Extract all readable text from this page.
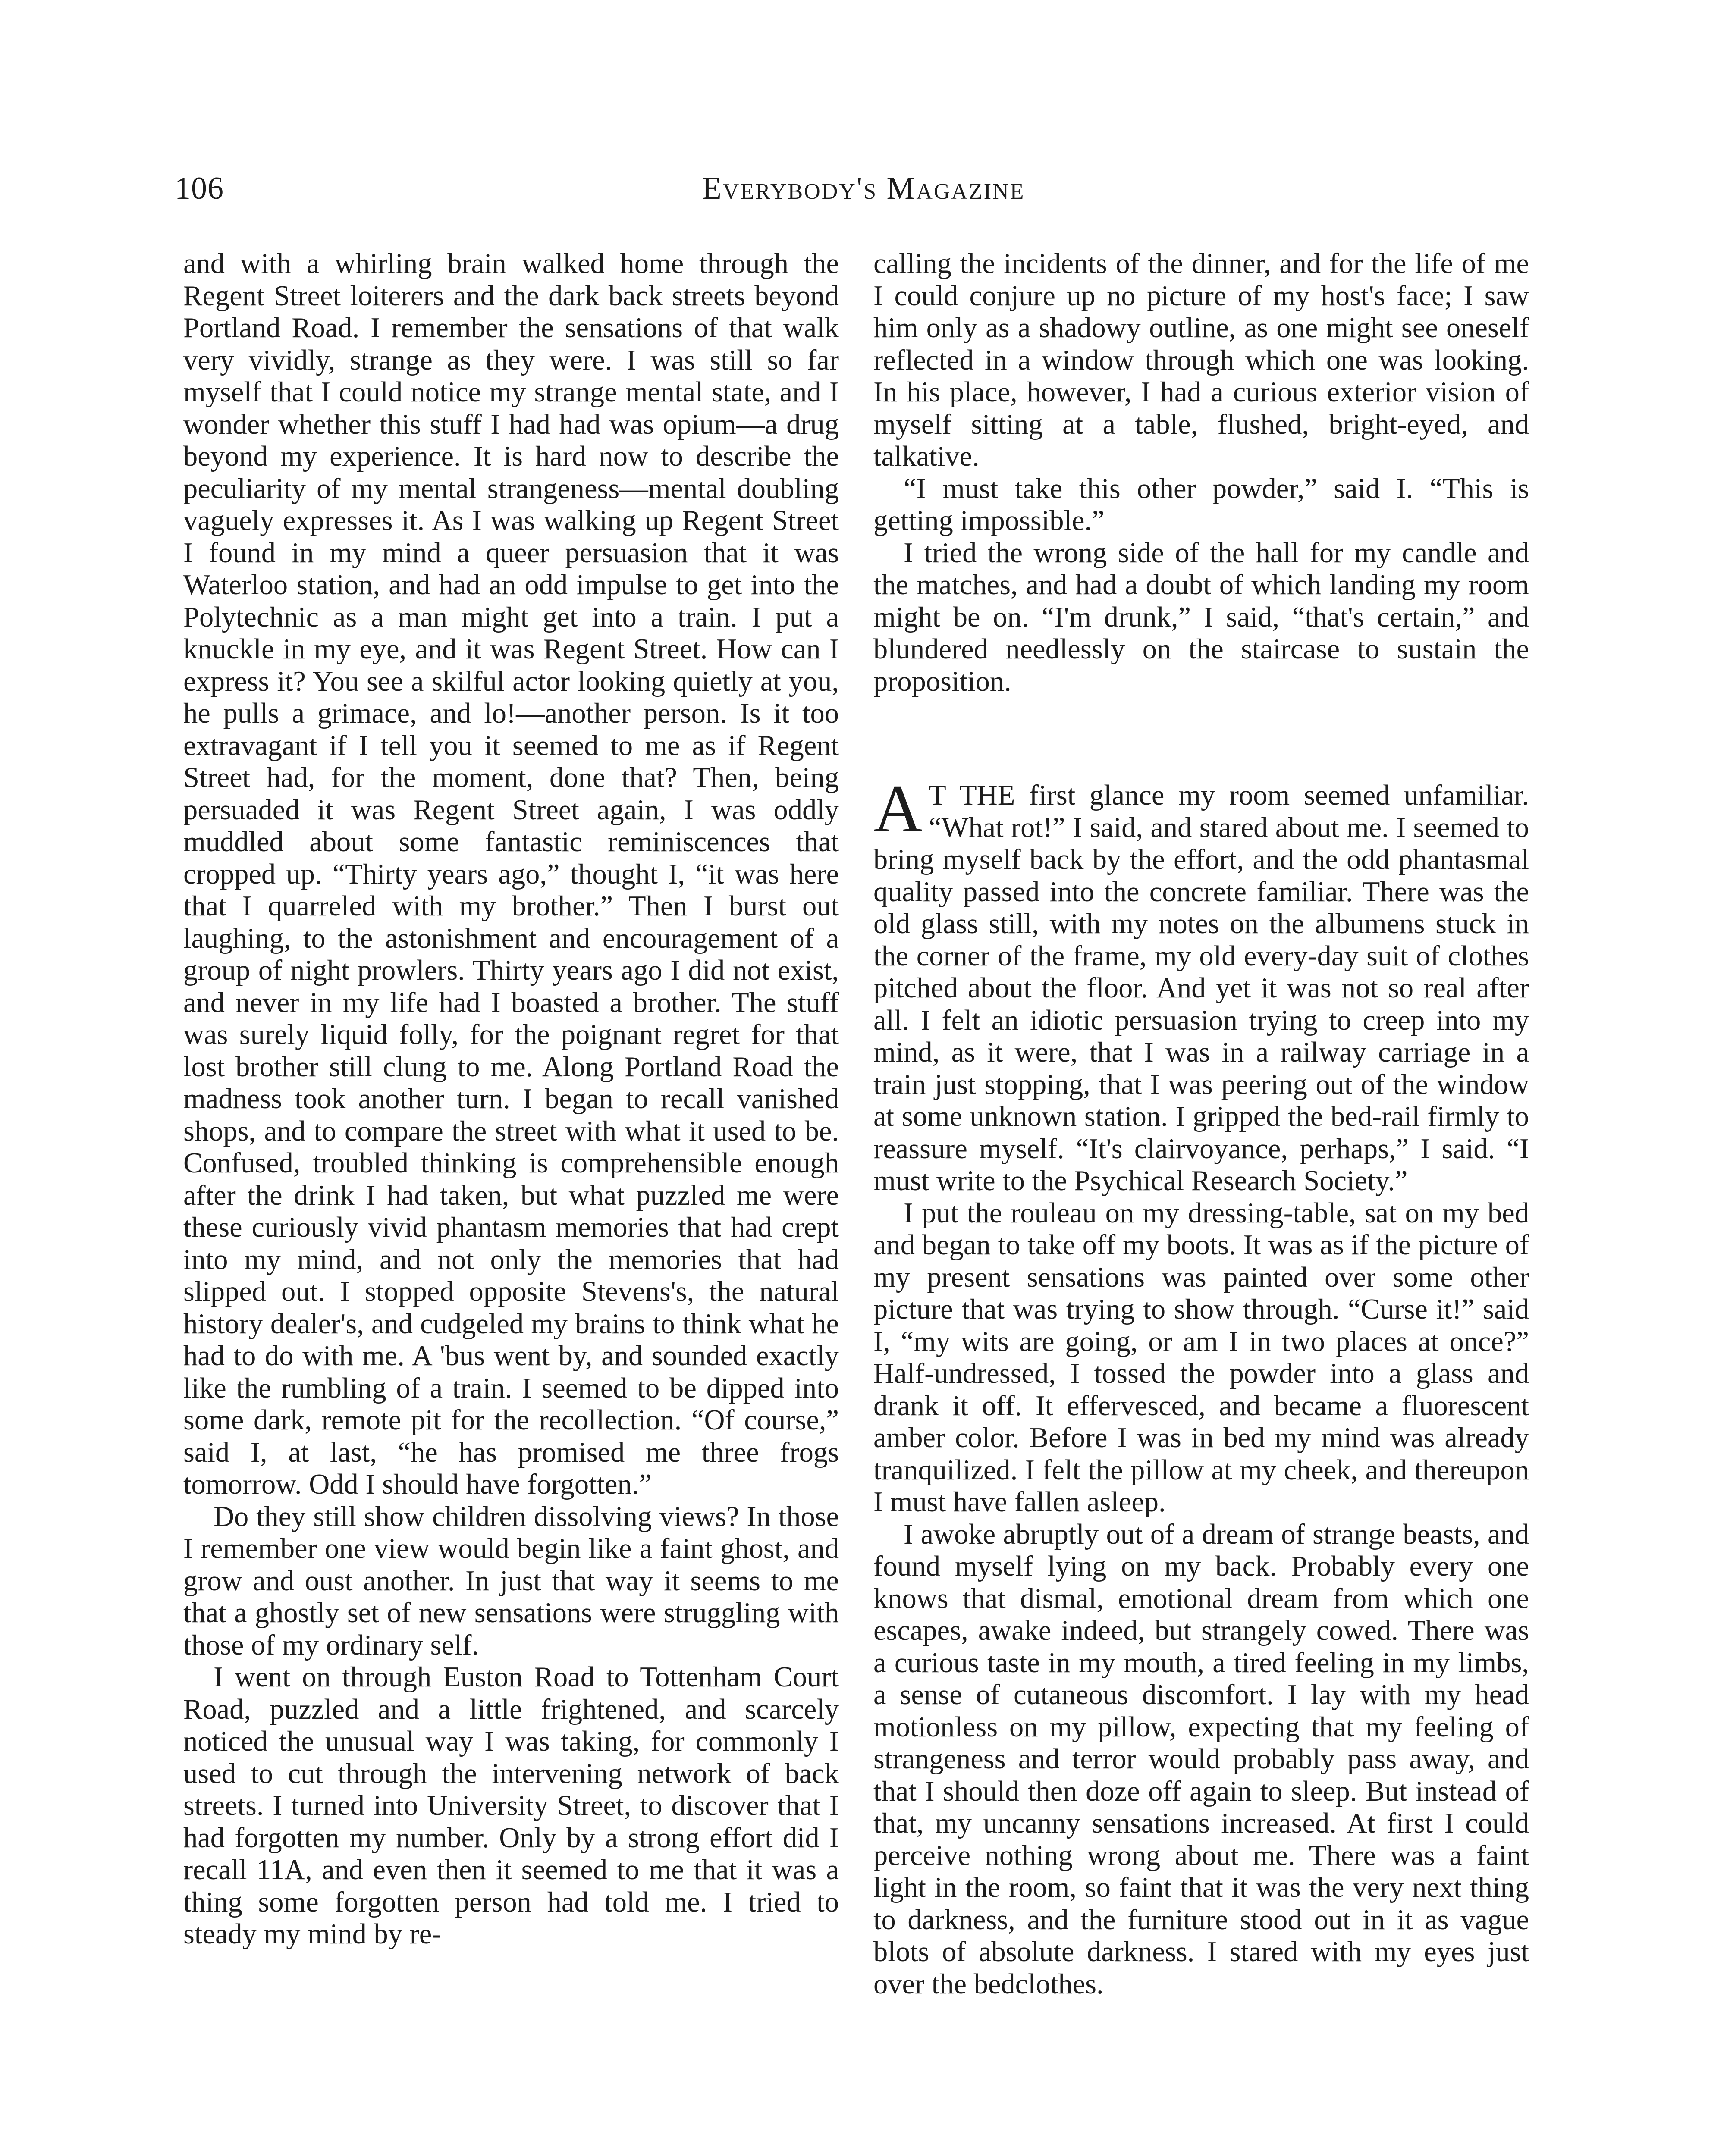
106	Everybody's Magazine

and with a whirling brain walked home through the Regent Street loiterers and the dark back streets beyond Portland Road. I remember the sensations of that walk very vividly, strange as they were. I was still so far myself that I could notice my strange mental state, and I wonder whether this stuff I had had was opium—a drug beyond my experience. It is hard now to describe the peculiarity of my mental strangeness—mental doubling vaguely expresses it. As I was walking up Regent Street I found in my mind a queer persuasion that it was Waterloo station, and had an odd impulse to get into the Polytechnic as a man might get into a train. I put a knuckle in my eye, and it was Regent Street. How can I express it? You see a skilful actor looking quietly at you, he pulls a grimace, and lo!—another person. Is it too extravagant if I tell you it seemed to me as if Regent Street had, for the moment, done that? Then, being persuaded it was Regent Street again, I was oddly muddled about some fantastic reminiscences that cropped up. “Thirty years ago,” thought I, “it was here that I quarreled with my brother.” Then I burst out laughing, to the astonishment and encouragement of a group of night prowlers. Thirty years ago I did not exist, and never in my life had I boasted a brother. The stuff was surely liquid folly, for the poignant regret for that lost brother still clung to me. Along Portland Road the madness took another turn. I began to recall vanished shops, and to compare the street with what it used to be. Confused, troubled thinking is comprehensible enough after the drink I had taken, but what puzzled me were these curiously vivid phantasm memories that had crept into my mind, and not only the memories that had slipped out. I stopped opposite Stevens's, the natural history dealer's, and cudgeled my brains to think what he had to do with me. A 'bus went by, and sounded exactly like the rumbling of a train. I seemed to be dipped into some dark, remote pit for the recollection. “Of course,” said I, at last, “he has promised me three frogs tomorrow. Odd I should have forgotten.”

Do they still show children dissolving views? In those I remember one view would begin like a faint ghost, and grow and oust another. In just that way it seems to me that a ghostly set of new sensations were struggling with those of my ordinary self.

I went on through Euston Road to Tottenham Court Road, puzzled and a little frightened, and scarcely noticed the unusual way I was taking, for commonly I used to cut through the intervening network of back streets. I turned into University Street, to discover that I had forgotten my number. Only by a strong effort did I recall 11A, and even then it seemed to me that it was a thing some forgotten person had told me. I tried to steady my mind by re-

calling the incidents of the dinner, and for the life of me I could conjure up no picture of my host's face; I saw him only as a shadowy outline, as one might see oneself reflected in a window through which one was looking. In his place, however, I had a curious exterior vision of myself sitting at a table, flushed, bright-eyed, and talkative.

“I must take this other powder,” said I. “This is getting impossible.”

I tried the wrong side of the hall for my candle and the matches, and had a doubt of which landing my room might be on. “I'm drunk,” I said, “that's certain,” and blundered needlessly on the staircase to sustain the proposition.

AT THE first glance my room seemed unfamiliar. “What rot!” I said, and stared about me. I seemed to bring myself back by the effort, and the odd phantasmal quality passed into the concrete familiar. There was the old glass still, with my notes on the albumens stuck in the corner of the frame, my old every-day suit of clothes pitched about the floor. And yet it was not so real after all. I felt an idiotic persuasion trying to creep into my mind, as it were, that I was in a railway carriage in a train just stopping, that I was peering out of the window at some unknown station. I gripped the bed-rail firmly to reassure myself. “It's clairvoyance, perhaps,” I said. “I must write to the Psychical Research Society.”

I put the rouleau on my dressing-table, sat on my bed and began to take off my boots. It was as if the picture of my present sensations was painted over some other picture that was trying to show through. “Curse it!” said I, “my wits are going, or am I in two places at once?” Half-undressed, I tossed the powder into a glass and drank it off. It effervesced, and became a fluorescent amber color. Before I was in bed my mind was already tranquilized. I felt the pillow at my cheek, and thereupon I must have fallen asleep.

I awoke abruptly out of a dream of strange beasts, and found myself lying on my back. Probably every one knows that dismal, emotional dream from which one escapes, awake indeed, but strangely cowed. There was a curious taste in my mouth, a tired feeling in my limbs, a sense of cutaneous discomfort. I lay with my head motionless on my pillow, expecting that my feeling of strangeness and terror would probably pass away, and that I should then doze off again to sleep. But instead of that, my uncanny sensations increased. At first I could perceive nothing wrong about me. There was a faint light in the room, so faint that it was the very next thing to darkness, and the furniture stood out in it as vague blots of absolute darkness. I stared with my eyes just over the bedclothes.
